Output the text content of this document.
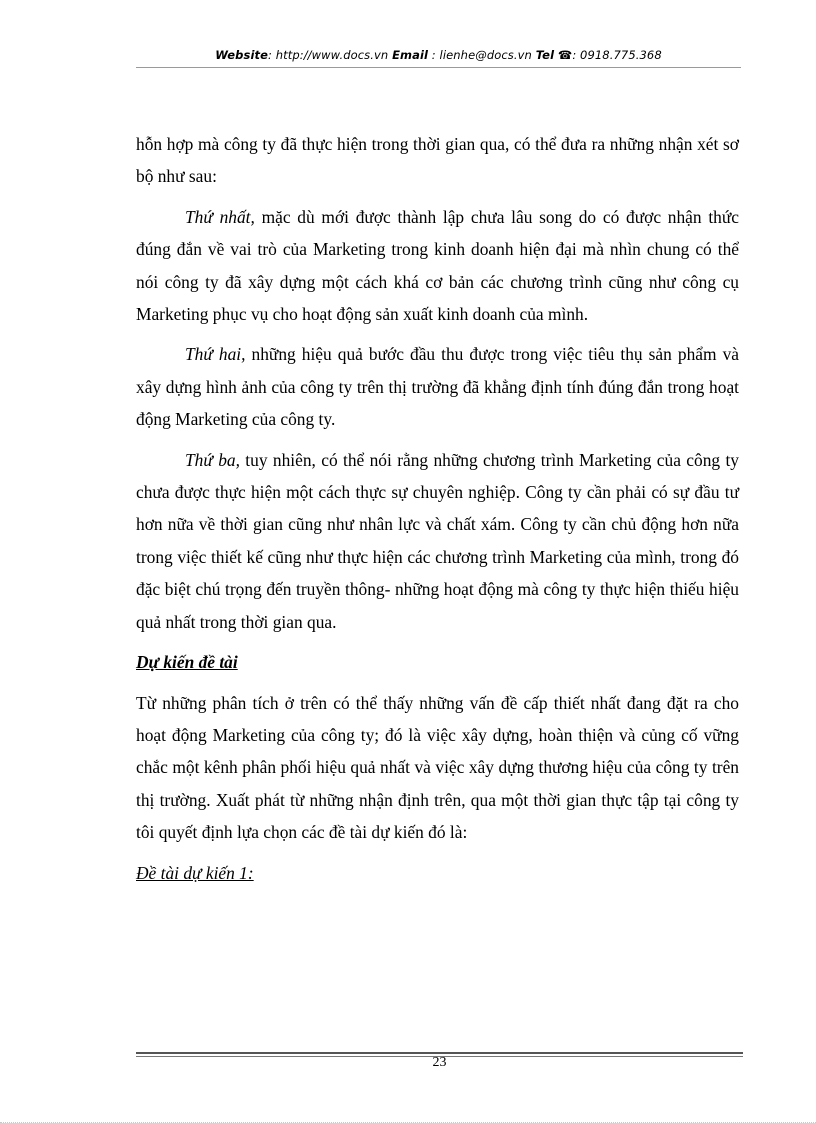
Website: http://www.docs.vn Email : lienhe@docs.vn Tel ☎: 0918.775.368

hỗn hợp mà công ty đã thực hiện trong thời gian qua, có thể đưa ra những nhận xét sơ bộ như sau:

Thứ nhất, mặc dù mới được thành lập chưa lâu song do có được nhận thức đúng đắn về vai trò của Marketing trong kinh doanh hiện đại mà nhìn chung có thể nói công ty đã xây dựng một cách khá cơ bản các chương trình cũng như công cụ Marketing phục vụ cho hoạt động sản xuất kinh doanh của mình.

Thứ hai, những hiệu quả bước đầu thu được trong việc tiêu thụ sản phẩm và xây dựng hình ảnh của công ty trên thị trường đã khẳng định tính đúng đắn trong hoạt động Marketing của công ty.

Thứ ba, tuy nhiên, có thể nói rằng những chương trình Marketing của công ty chưa được thực hiện một cách thực sự chuyên nghiệp. Công ty cần phải có sự đầu tư hơn nữa về thời gian cũng như nhân lực và chất xám. Công ty cần chủ động hơn nữa trong việc thiết kế cũng như thực hiện các chương trình Marketing của mình, trong đó đặc biệt chú trọng đến truyền thông- những hoạt động mà công ty thực hiện thiếu hiệu quả nhất trong thời gian qua.

Dự kiến đề tài

Từ những phân tích ở trên có thể thấy những vấn đề cấp thiết nhất đang đặt ra cho hoạt động Marketing của công ty; đó là việc xây dựng, hoàn thiện và củng cố vững chắc một kênh phân phối hiệu quả nhất và việc xây dựng thương hiệu của công ty trên thị trường. Xuất phát từ những nhận định trên, qua một thời gian thực tập tại công ty tôi quyết định lựa chọn các đề tài dự kiến đó là:

Đề tài dự kiến 1:

23
